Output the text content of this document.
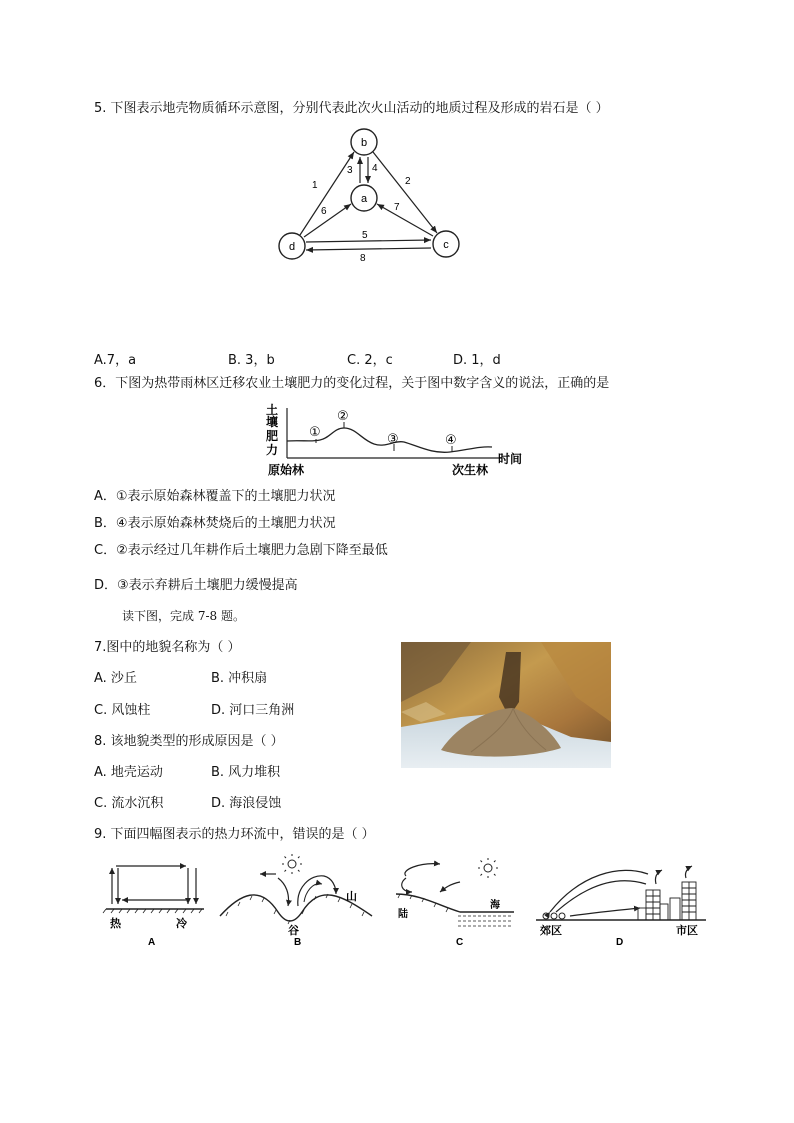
5. 下图表示地壳物质循环示意图，分别代表此次火山活动的地质过程及形成的岩石是（ ）
b
a
d	c
1	2
3 4
6	7
5
8
A.7，a	B. 3，b	C. 2，c	D. 1，d
6．下图为热带雨林区迁移农业土壤肥力的变化过程，关于图中数字含义的说法，正确的是
土
壤
肥
力
①
②
③	④
时间
原始林	次生林
A．①表示原始森林覆盖下的土壤肥力状况
B．④表示原始森林焚烧后的土壤肥力状况
C．②表示经过几年耕作后土壤肥力急剧下降至最低
D．③表示弃耕后土壤肥力缓慢提高
读下图，完成 7-8 题。
7.图中的地貌名称为（ ）
A. 沙丘	B. 冲积扇
C. 风蚀柱	D. 河口三角洲
8. 该地貌类型的形成原因是（ ）
A. 地壳运动	B. 风力堆积
C. 流水沉积	D. 海浪侵蚀
9. 下面四幅图表示的热力环流中，错误的是（ ）
热	冷
A
山
谷
B
陆
海
C
郊区	市区
D
